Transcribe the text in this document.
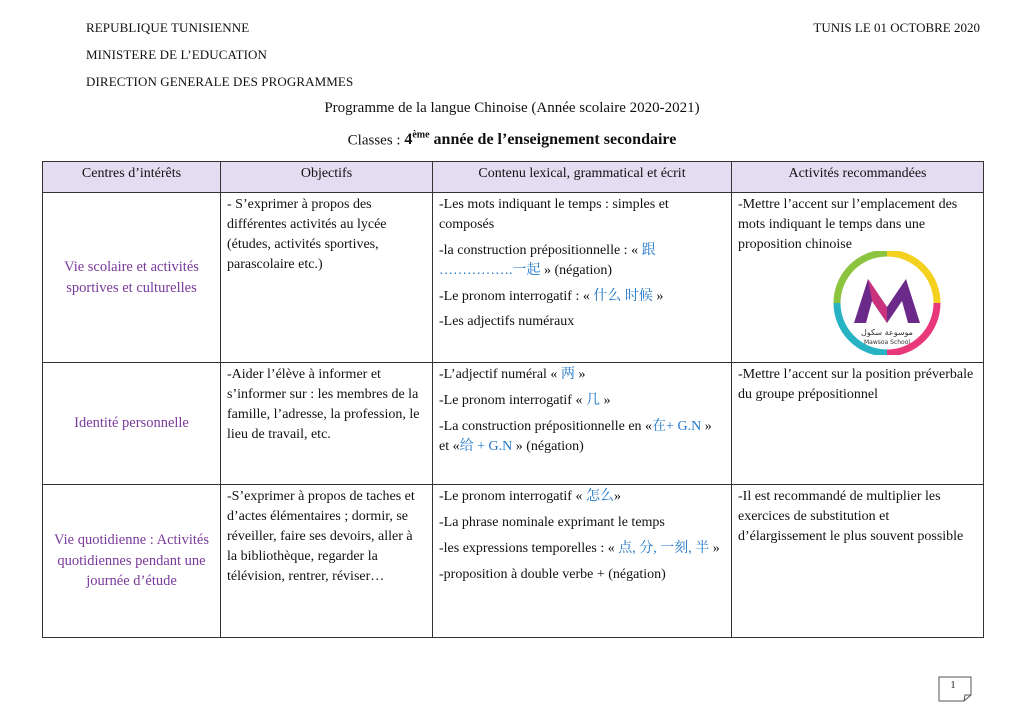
REPUBLIQUE TUNISIENNE
MINISTERE DE L’EDUCATION
DIRECTION GENERALE DES PROGRAMMES
TUNIS LE 01 OCTOBRE 2020
Programme de la langue Chinoise (Année scolaire 2020-2021)
Classes : 4ème année de l’enseignement secondaire
Centres d’intérêts	Objectifs	Contenu lexical, grammatical et écrit	Activités recommandées
Vie scolaire et activités sportives et culturelles	- S’exprimer à propos des différentes activités au lycée (études, activités sportives, parascolaire etc.)	-Les mots indiquant le temps : simples et composés

-la construction prépositionnelle : « 跟
…………….一起 » (négation)

-Le pronom interrogatif : « 什么 时候 »

-Les adjectifs numéraux	-Mettre l’accent sur l’emplacement des mots indiquant le temps dans une proposition chinoise
Identité personnelle	-Aider l’élève à informer et s’informer sur : les membres de la famille, l’adresse, la profession, le lieu de travail, etc.	-L’adjectif numéral « 两 »

-Le pronom interrogatif « 几 »

-La construction prépositionnelle en «在+ G.N » et «给 + G.N » (négation)	-Mettre l’accent sur la position préverbale du groupe prépositionnel
Vie quotidienne : Activités quotidiennes pendant une journée d’étude	-S’exprimer à propos de taches et d’actes élémentaires ; dormir, se réveiller, faire ses devoirs, aller à la bibliothèque, regarder la télévision, rentrer, réviser…	-Le pronom interrogatif « 怎么»

-La phrase nominale exprimant le temps

-les expressions temporelles : « 点, 分, 一刻, 半 »

-proposition à double verbe + (négation)	-Il est recommandé de multiplier les exercices de substitution et d’élargissement le plus souvent possible
موسوعة سكول
Mawsoa School
1
